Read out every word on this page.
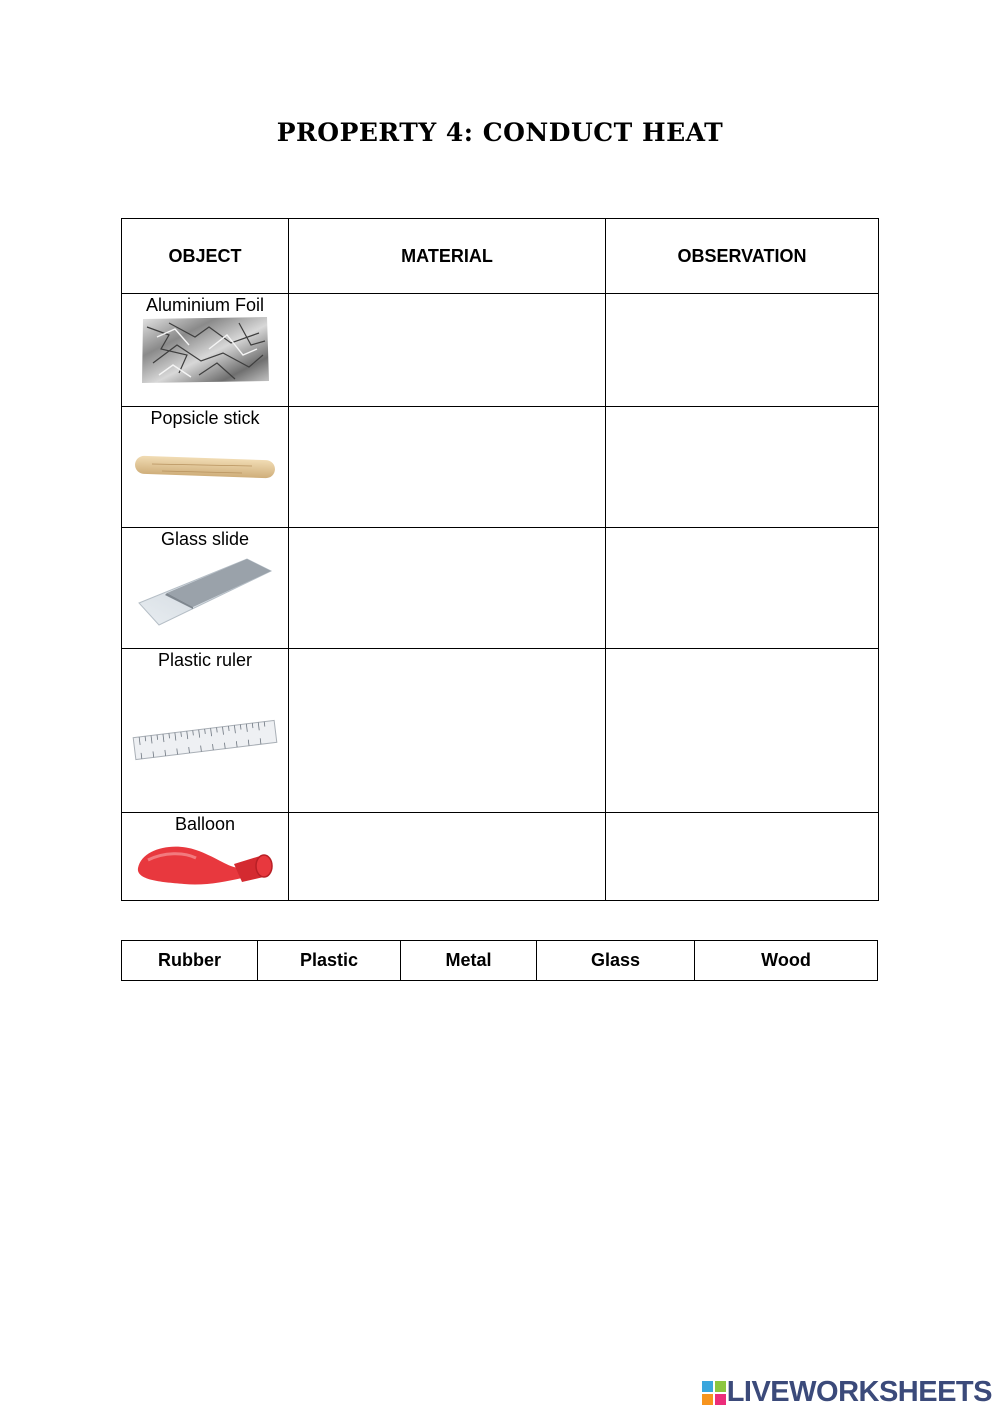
PROPERTY 4: CONDUCT HEAT
OBJECT	MATERIAL	OBSERVATION

Aluminium Foil		

Popsicle stick		

Glass slide		

Plastic ruler		

Balloon		

Rubber	Plastic	Metal	Glass	Wood
LIVEWORKSHEETS
